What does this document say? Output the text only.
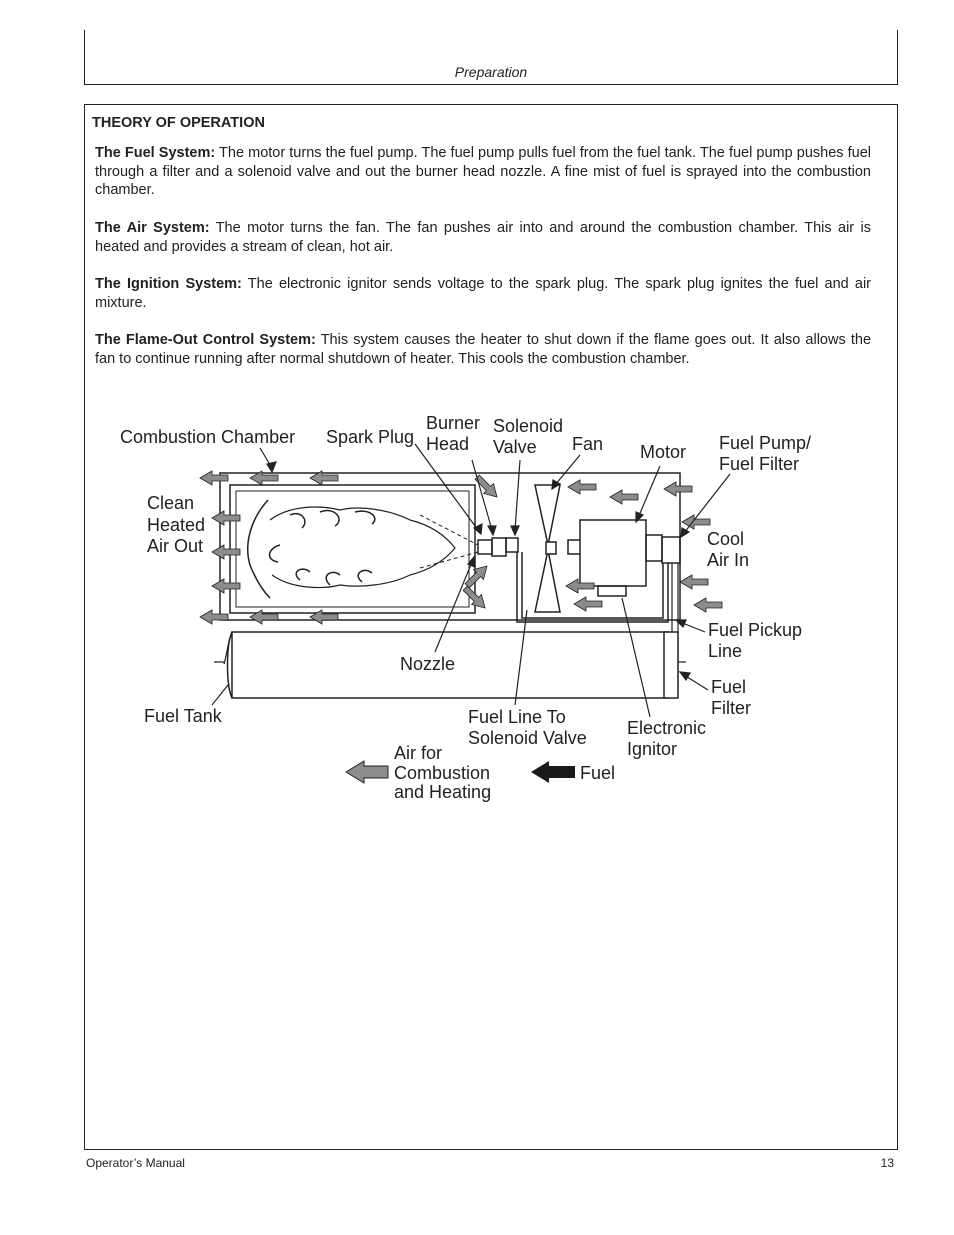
Preparation
THEORY OF OPERATION
The Fuel System: The motor turns the fuel pump. The fuel pump pulls fuel from the fuel tank. The fuel pump pushes fuel through a filter and a solenoid valve and out the burner head nozzle. A fine mist of fuel is sprayed into the combustion chamber.
The Air System: The motor turns the fan. The fan pushes air into and around the combustion chamber. This air is heated and provides a stream of clean, hot air.
The Ignition System: The electronic ignitor sends voltage to the spark plug. The spark plug ignites the fuel and air mixture.
The Flame-Out Control System: This system causes the heater to shut down if the flame goes out. It also allows the fan to continue running after normal shutdown of heater. This cools the combustion chamber.
Combustion Chamber Spark Plug
Burner
Head
Solenoid
Valve	Fan Motor Fuel Pump/
Fuel Filter
Clean
Heated
Air Out	Cool
Air In
Fuel Pickup
Line
Nozzle
Fuel
Filter
Fuel Tank	Fuel Line To
Solenoid Valve Electronic
Ignitor
Air for
Combustion
and Heating
Fuel
Operator’s Manual	13
